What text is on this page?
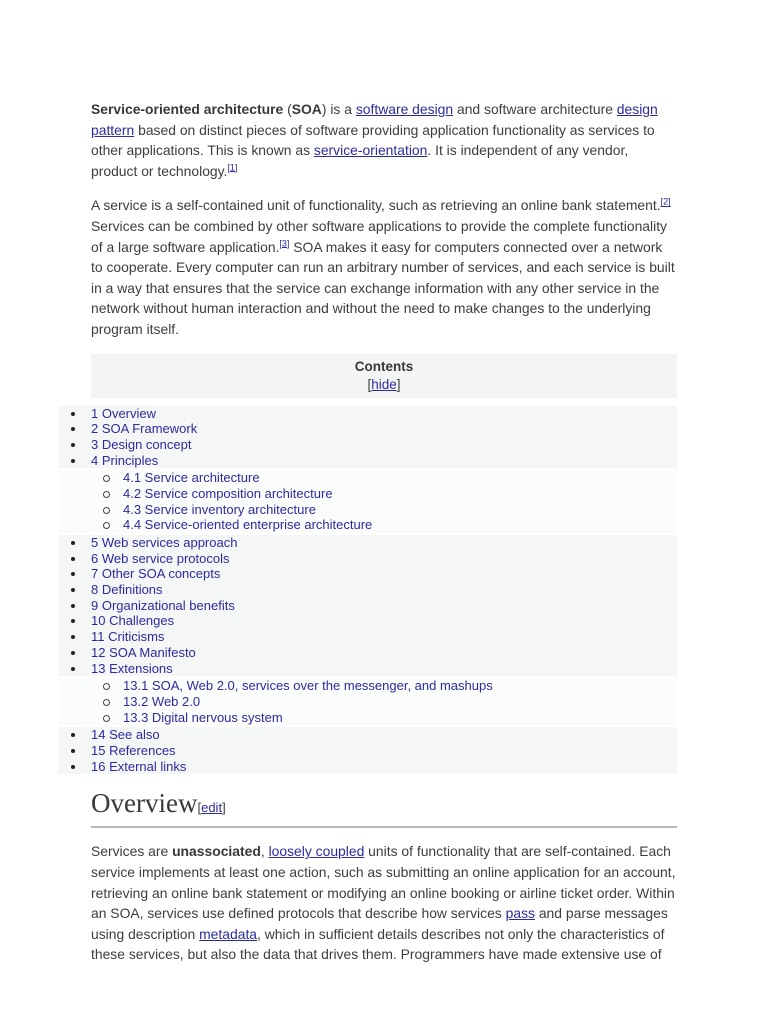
Service-oriented architecture (SOA) is a software design and software architecture design pattern based on distinct pieces of software providing application functionality as services to other applications. This is known as service-orientation. It is independent of any vendor, product or technology.[1]

A service is a self-contained unit of functionality, such as retrieving an online bank statement.[2] Services can be combined by other software applications to provide the complete functionality of a large software application.[3] SOA makes it easy for computers connected over a network to cooperate. Every computer can run an arbitrary number of services, and each service is built in a way that ensures that the service can exchange information with any other service in the network without human interaction and without the need to make changes to the underlying program itself.

Contents
[hide]
1 Overview
2 SOA Framework
3 Design concept
4 Principles
4.1 Service architecture
4.2 Service composition architecture
4.3 Service inventory architecture
4.4 Service-oriented enterprise architecture
5 Web services approach
6 Web service protocols
7 Other SOA concepts
8 Definitions
9 Organizational benefits
10 Challenges
11 Criticisms
12 SOA Manifesto
13 Extensions
13.1 SOA, Web 2.0, services over the messenger, and mashups
13.2 Web 2.0
13.3 Digital nervous system
14 See also
15 References
16 External links
Overview[edit]

Services are unassociated, loosely coupled units of functionality that are self-contained. Each service implements at least one action, such as submitting an online application for an account, retrieving an online bank statement or modifying an online booking or airline ticket order. Within an SOA, services use defined protocols that describe how services pass and parse messages using description metadata, which in sufficient details describes not only the characteristics of these services, but also the data that drives them. Programmers have made extensive use of
